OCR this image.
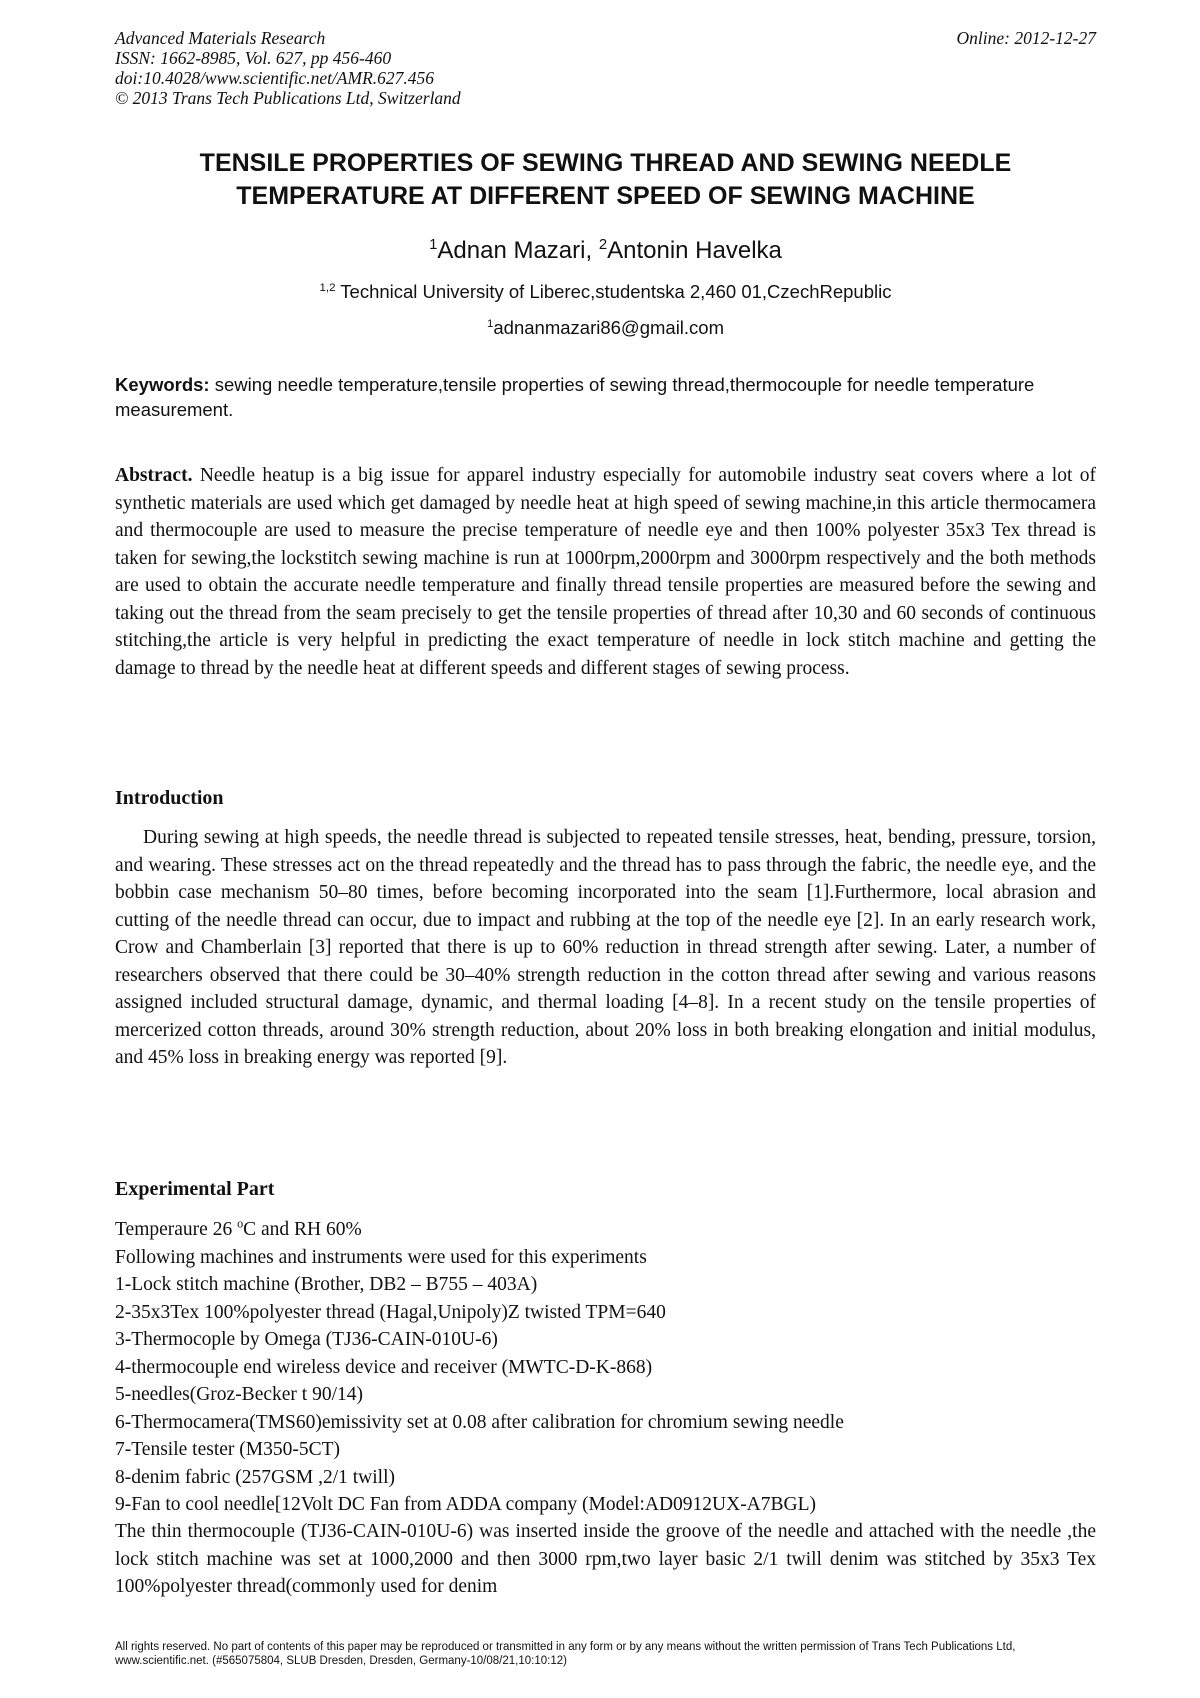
Advanced Materials Research
ISSN: 1662-8985, Vol. 627, pp 456-460
doi:10.4028/www.scientific.net/AMR.627.456
© 2013 Trans Tech Publications Ltd, Switzerland
Online: 2012-12-27
TENSILE PROPERTIES OF SEWING THREAD AND SEWING NEEDLE
TEMPERATURE AT DIFFERENT SPEED OF SEWING MACHINE
$^1$Adnan Mazari, $^2$Antonin Havelka
$^{1,2}$ Technical University of Liberec,studentska 2,460 01,CzechRepublic
$^1$adnanmazari86@gmail.com
Keywords: sewing needle temperature,tensile properties of sewing thread,thermocouple for needle temperature measurement.
Abstract. Needle heatup is a big issue for apparel industry especially for automobile industry seat covers where a lot of synthetic materials are used which get damaged by needle heat at high speed of sewing machine,in this article thermocamera and thermocouple are used to measure the precise temperature of needle eye and then 100% polyester 35x3 Tex thread is taken for sewing,the lockstitch sewing machine is run at 1000rpm,2000rpm and 3000rpm respectively and the both methods are used to obtain the accurate needle temperature and finally thread tensile properties are measured before the sewing and taking out the thread from the seam precisely to get the tensile properties of thread after 10,30 and 60 seconds of continuous stitching,the article is very helpful in predicting the exact temperature of needle in lock stitch machine and getting the damage to thread by the needle heat at different speeds and different stages of sewing process.
Introduction
During sewing at high speeds, the needle thread is subjected to repeated tensile stresses, heat, bending, pressure, torsion, and wearing. These stresses act on the thread repeatedly and the thread has to pass through the fabric, the needle eye, and the bobbin case mechanism 50–80 times, before becoming incorporated into the seam [1].Furthermore, local abrasion and cutting of the needle thread can occur, due to impact and rubbing at the top of the needle eye [2]. In an early research work, Crow and Chamberlain [3] reported that there is up to 60% reduction in thread strength after sewing. Later, a number of researchers observed that there could be 30–40% strength reduction in the cotton thread after sewing and various reasons assigned included structural damage, dynamic, and thermal loading [4–8]. In a recent study on the tensile properties of mercerized cotton threads, around 30% strength reduction, about 20% loss in both breaking elongation and initial modulus, and 45% loss in breaking energy was reported [9].
Experimental Part
Temperaure 26 $^o$C and RH 60%
Following machines and instruments were used for this experiments
1-Lock stitch machine (Brother, DB2 – B755 – 403A)
2-35x3Tex 100%polyester thread (Hagal,Unipoly)Z twisted TPM=640
3-Thermocople by Omega (TJ36-CAIN-010U-6)
4-thermocouple end wireless device and receiver (MWTC-D-K-868)
5-needles(Groz-Becker t 90/14)
6-Thermocamera(TMS60)emissivity set at 0.08 after calibration for chromium sewing needle
7-Tensile tester (M350-5CT)
8-denim fabric (257GSM ,2/1 twill)
9-Fan to cool needle[12Volt DC Fan from ADDA company (Model:AD0912UX-A7BGL)
The thin thermocouple (TJ36-CAIN-010U-6) was inserted inside the groove of the needle and attached with the needle ,the lock stitch machine was set at 1000,2000 and then 3000 rpm,two layer basic 2/1 twill denim was stitched by 35x3 Tex 100%polyester thread(commonly used for denim
All rights reserved. No part of contents of this paper may be reproduced or transmitted in any form or by any means without the written permission of Trans Tech Publications Ltd, www.scientific.net. (#565075804, SLUB Dresden, Dresden, Germany-10/08/21,10:10:12)
